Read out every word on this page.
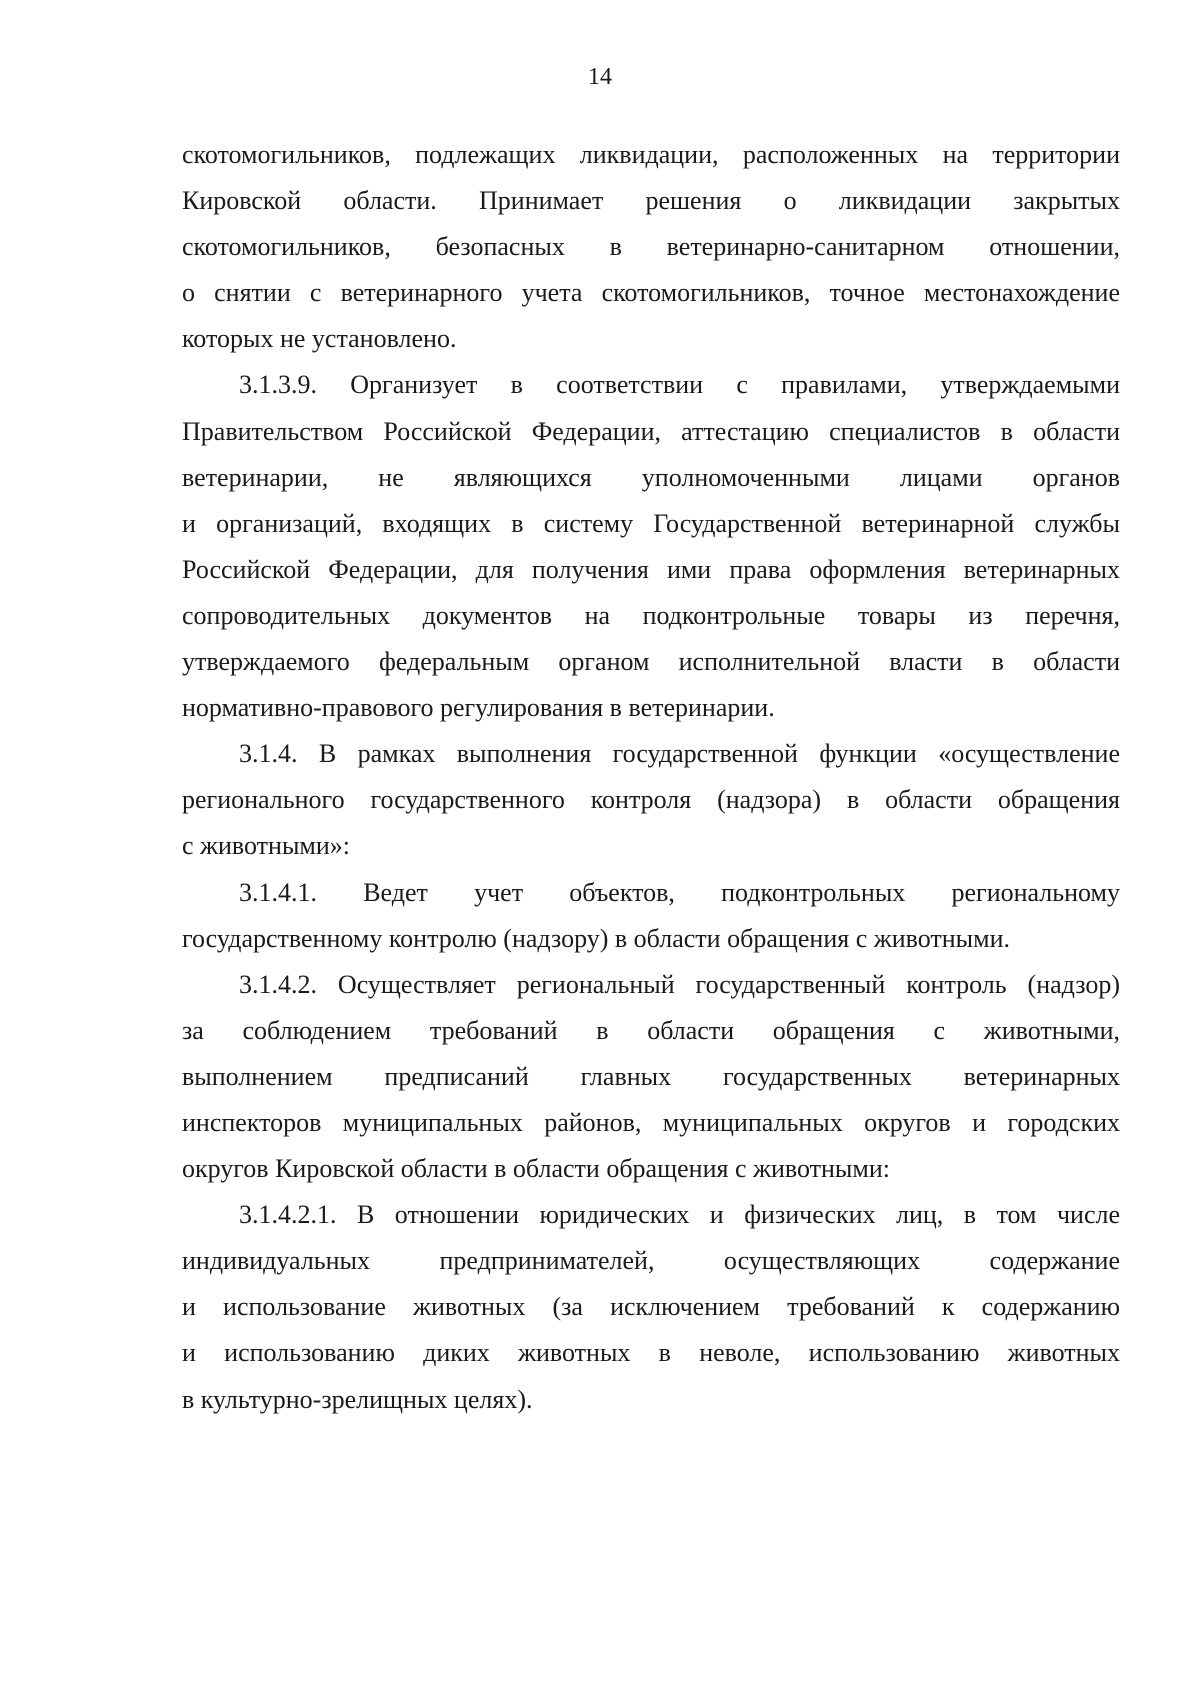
14
скотомогильников, подлежащих ликвидации, расположенных на территории
Кировской области. Принимает решения о ликвидации закрытых
скотомогильников, безопасных в ветеринарно-санитарном отношении,
о снятии с ветеринарного учета скотомогильников, точное местонахождение
которых не установлено.
3.1.3.9. Организует в соответствии с правилами, утверждаемыми
Правительством Российской Федерации, аттестацию специалистов в области
ветеринарии, не являющихся уполномоченными лицами органов
и организаций, входящих в систему Государственной ветеринарной службы
Российской Федерации, для получения ими права оформления ветеринарных
сопроводительных документов на подконтрольные товары из перечня,
утверждаемого федеральным органом исполнительной власти в области
нормативно-правового регулирования в ветеринарии.
3.1.4. В рамках выполнения государственной функции «осуществление
регионального государственного контроля (надзора) в области обращения
с животными»:
3.1.4.1. Ведет учет объектов, подконтрольных региональному
государственному контролю (надзору) в области обращения с животными.
3.1.4.2. Осуществляет региональный государственный контроль (надзор)
за соблюдением требований в области обращения с животными,
выполнением предписаний главных государственных ветеринарных
инспекторов муниципальных районов, муниципальных округов и городских
округов Кировской области в области обращения с животными:
3.1.4.2.1. В отношении юридических и физических лиц, в том числе
индивидуальных предпринимателей, осуществляющих содержание
и использование животных (за исключением требований к содержанию
и использованию диких животных в неволе, использованию животных
в культурно-зрелищных целях).
